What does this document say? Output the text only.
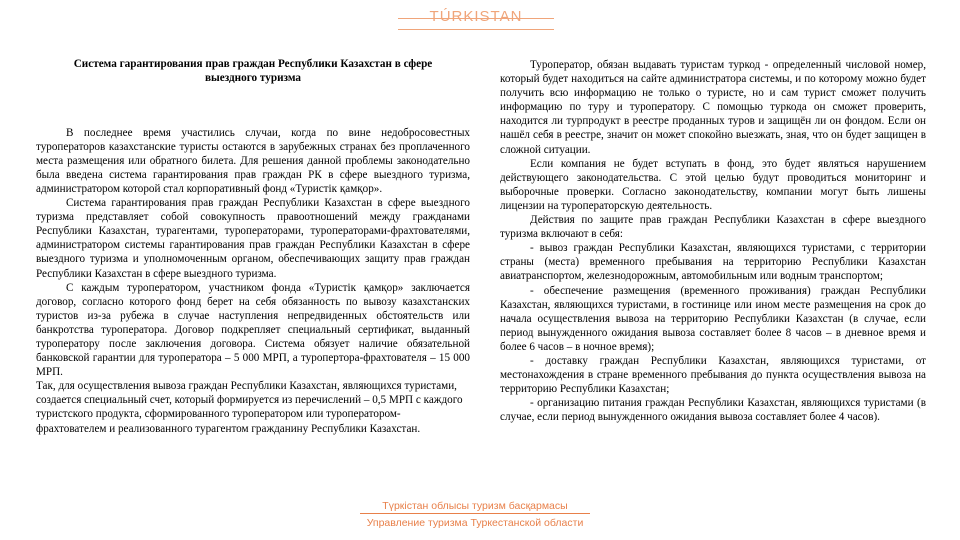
TÚRKISTAN
Система гарантирования прав граждан Республики Казахстан в сфере выездного туризма

В последнее время участились случаи, когда по вине недобросовестных туроператоров казахстанские туристы остаются в зарубежных странах без проплаченного места размещения или обратного билета. Для решения данной проблемы законодательно была введена система гарантирования прав граждан РК в сфере выездного туризма, администратором которой стал корпоративный фонд «Туристік қамқор».

Система гарантирования прав граждан Республики Казахстан в сфере выездного туризма представляет собой совокупность правоотношений между гражданами Республики Казахстан, турагентами, туроператорами, туроператорами-фрахтователями, администратором системы гарантирования прав граждан Республики Казахстан в сфере выездного туризма и уполномоченным органом, обеспечивающих защиту прав граждан Республики Казахстан в сфере выездного туризма.

С каждым туроператором, участником фонда «Туристік қамқор» заключается договор, согласно которого фонд берет на себя обязанность по вывозу казахстанских туристов из-за рубежа в случае наступления непредвиденных обстоятельств или банкротства туроператора. Договор подкрепляет специальный сертификат, выданный туроператору после заключения договора. Система обязует наличие обязательной банковской гарантии для туроператора – 5 000 МРП, а туропертора-фрахтователя – 15 000 МРП.

Так, для осуществления вывоза граждан Республики Казахстан, являющихся туристами, создается специальный счет, который формируется из перечислений – 0,5 МРП с каждого туристского продукта, сформированного туроператором или туроператором-фрахтователем и реализованного турагентом гражданину Республики Казахстан.

Туроператор, обязан выдавать туристам туркод - определенный числовой номер, который будет находиться на сайте администратора системы, и по которому можно будет получить всю информацию не только о туристе, но и сам турист сможет получить информацию по туру и туроператору. С помощью туркода он сможет проверить, находится ли турпродукт в реестре проданных туров и защищён ли он фондом. Если он нашёл себя в реестре, значит он может спокойно выезжать, зная, что он будет защищен в сложной ситуации.

Если компания не будет вступать в фонд, это будет являться нарушением действующего законодательства. С этой целью будут проводиться мониторинг и выборочные проверки. Согласно законодательству, компании могут быть лишены лицензии на туроператорскую деятельность.

Действия по защите прав граждан Республики Казахстан в сфере выездного туризма включают в себя:

- вывоз граждан Республики Казахстан, являющихся туристами, с территории страны (места) временного пребывания на территорию Республики Казахстан авиатранспортом, железнодорожным, автомобильным или водным транспортом;

- обеспечение размещения (временного проживания) граждан Республики Казахстан, являющихся туристами, в гостинице или ином месте размещения на срок до начала осуществления вывоза на территорию Республики Казахстан (в случае, если период вынужденного ожидания вывоза составляет более 8 часов – в дневное время и более 6 часов – в ночное время);

- доставку граждан Республики Казахстан, являющихся туристами, от местонахождения в стране временного пребывания до пункта осуществления вывоза на территорию Республики Казахстан;

- организацию питания граждан Республики Казахстан, являющихся туристами (в случае, если период вынужденного ожидания вывоза составляет более 4 часов).

Түркістан облысы туризм басқармасы
Управление туризма Туркестанской области
